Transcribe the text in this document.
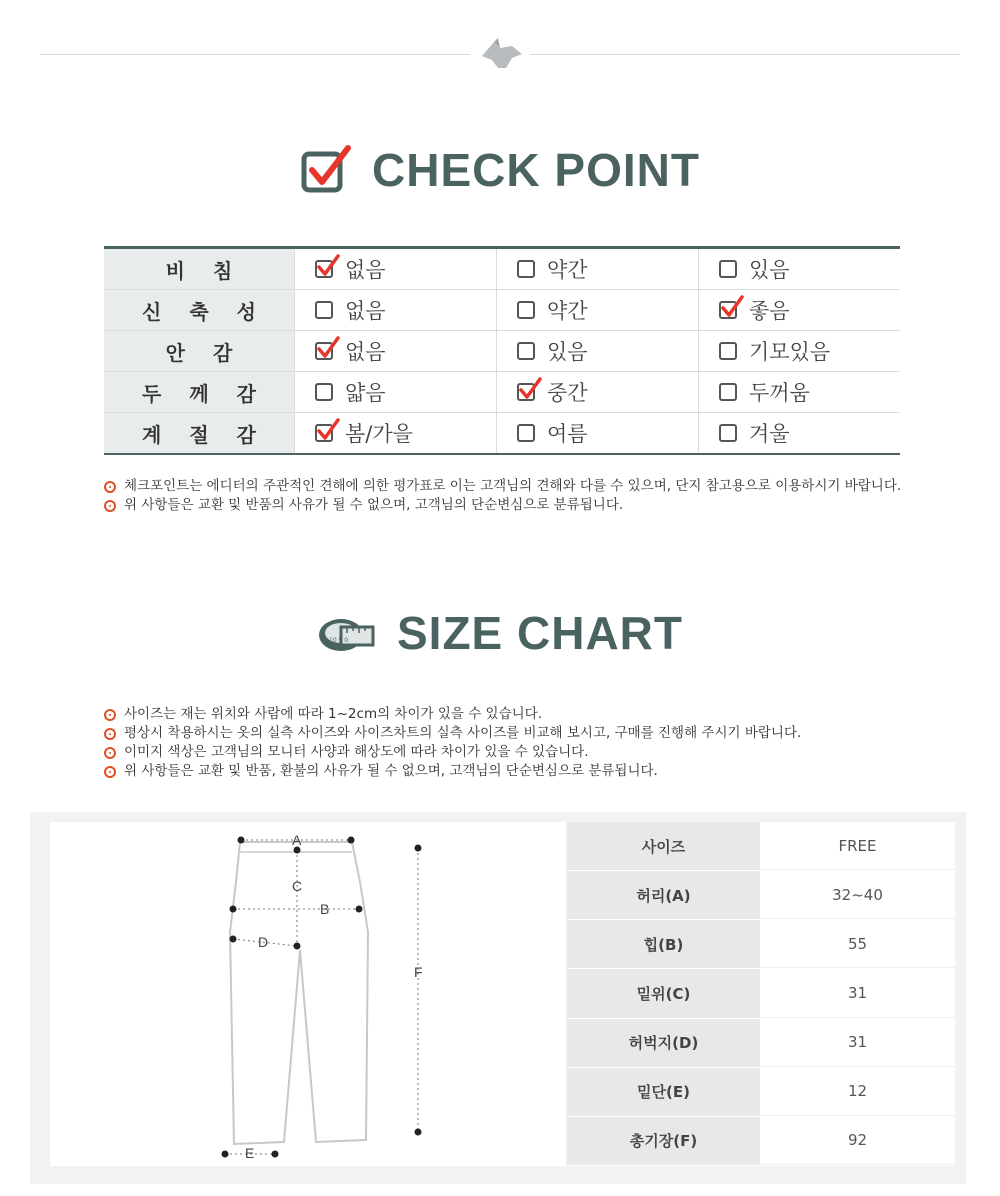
CHECK POINT
비침	없음	약간	있음
신축성	없음	약간	좋음
안감	없음	있음	기모있음
두께감	얇음	중간	두꺼움
계절감	봄/가을	여름	겨울
체크포인트는 에디터의 주관적인 견해에 의한 평가표로 이는 고객님의 견해와 다를 수 있으며, 단지 참고용으로 이용하시기 바랍니다.
위 사항들은 교환 및 반품의 사유가 될 수 없으며, 고객님의 단순변심으로 분류됩니다.
10 5 0 SIZE CHART
사이즈는 재는 위치와 사람에 따라 1~2cm의 차이가 있을 수 있습니다.
평상시 착용하시는 옷의 실측 사이즈와 사이즈차트의 실측 사이즈를 비교해 보시고, 구매를 진행해 주시기 바랍니다.
이미지 색상은 고객님의 모니터 사양과 해상도에 따라 차이가 있을 수 있습니다.
위 사항들은 교환 및 반품, 환불의 사유가 될 수 없으며, 고객님의 단순변심으로 분류됩니다.
A
C
B
D
F
E
사이즈	FREE
허리(A)	32~40
힙(B)	55
밑위(C)	31
허벅지(D)	31
밑단(E)	12
총기장(F)	92
